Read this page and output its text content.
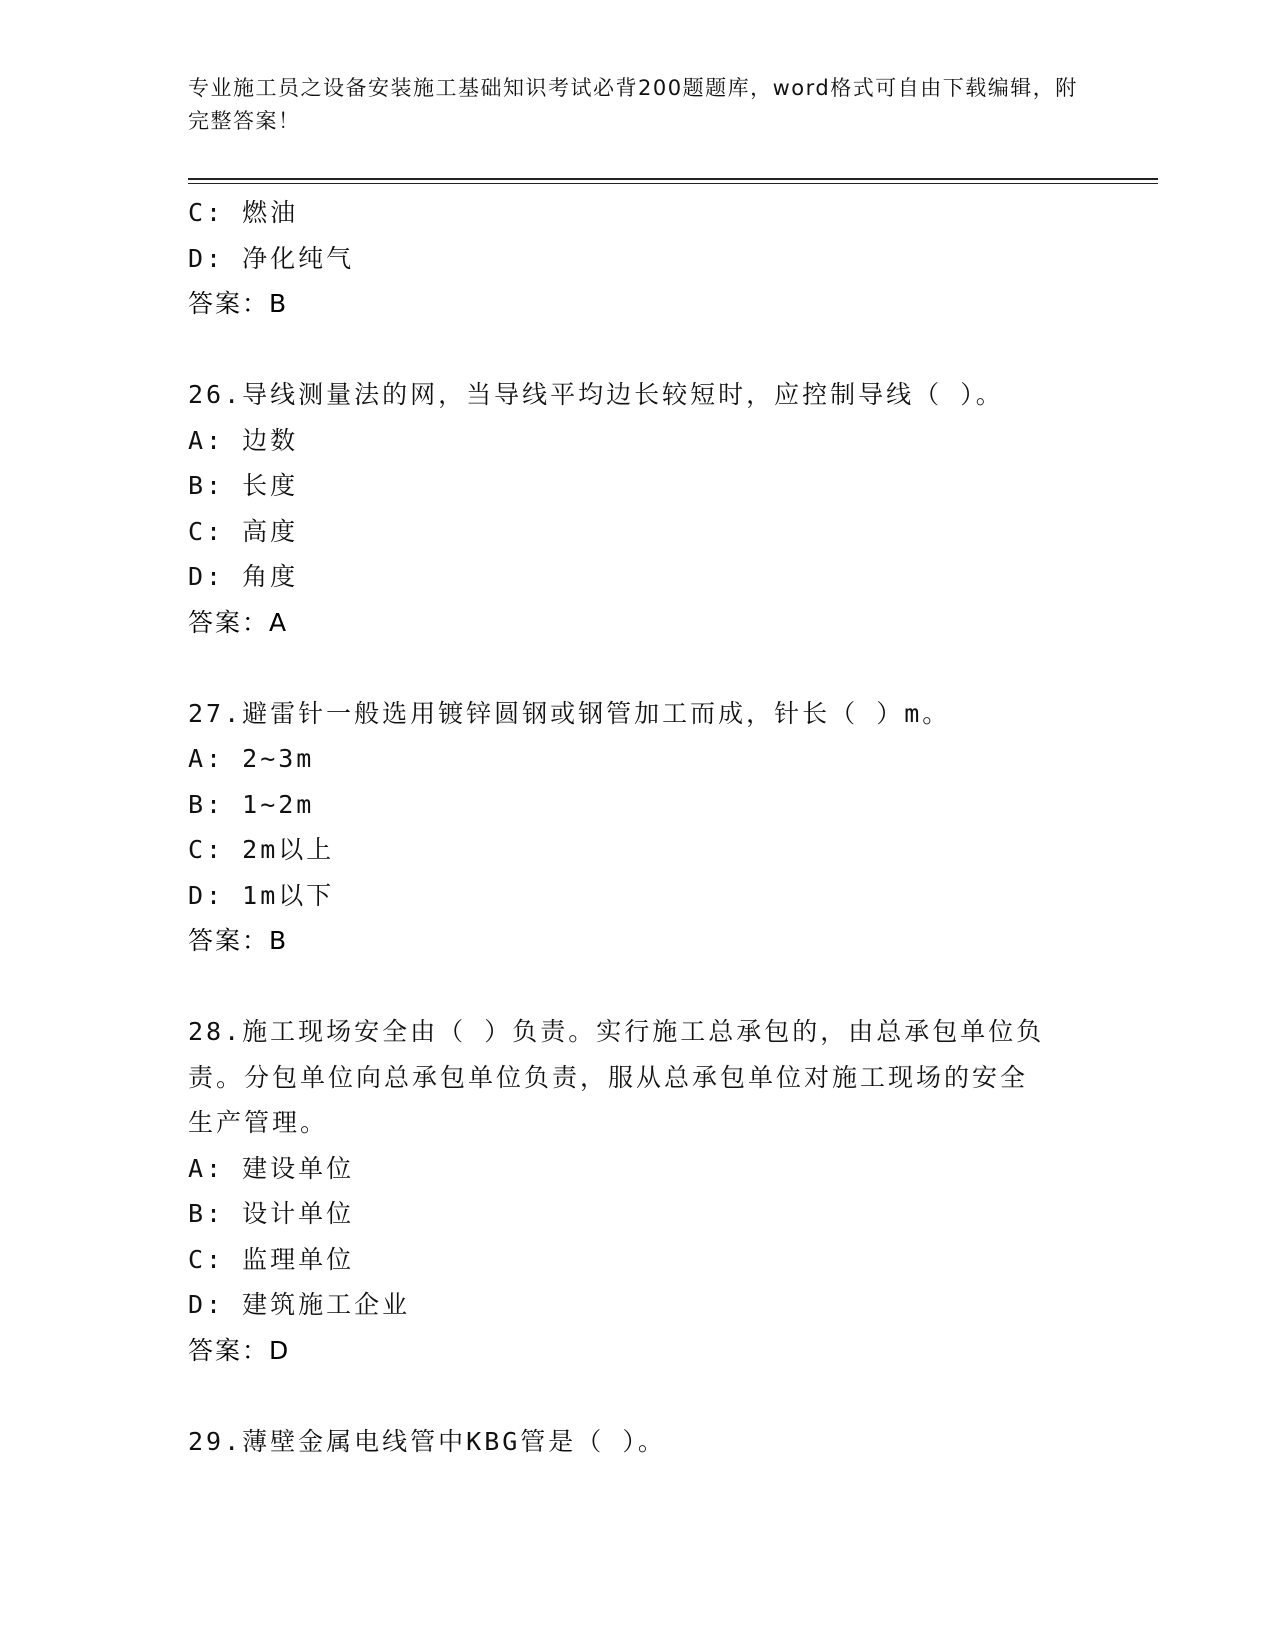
专业施工员之设备安装施工基础知识考试必背200题题库，word格式可自由下载编辑，附完整答案！
C: 燃油
D: 净化纯气
答案：B
26.导线测量法的网，当导线平均边长较短时，应控制导线（ ）。
A: 边数
B: 长度
C: 高度
D: 角度
答案：A
27.避雷针一般选用镀锌圆钢或钢管加工而成，针长（ ）m。
A: 2~3m
B: 1~2m
C: 2m以上
D: 1m以下
答案：B
28.施工现场安全由（ ）负责。实行施工总承包的，由总承包单位负
责。分包单位向总承包单位负责，服从总承包单位对施工现场的安全
生产管理。
A: 建设单位
B: 设计单位
C: 监理单位
D: 建筑施工企业
答案：D
29.薄壁金属电线管中KBG管是（ ）。
